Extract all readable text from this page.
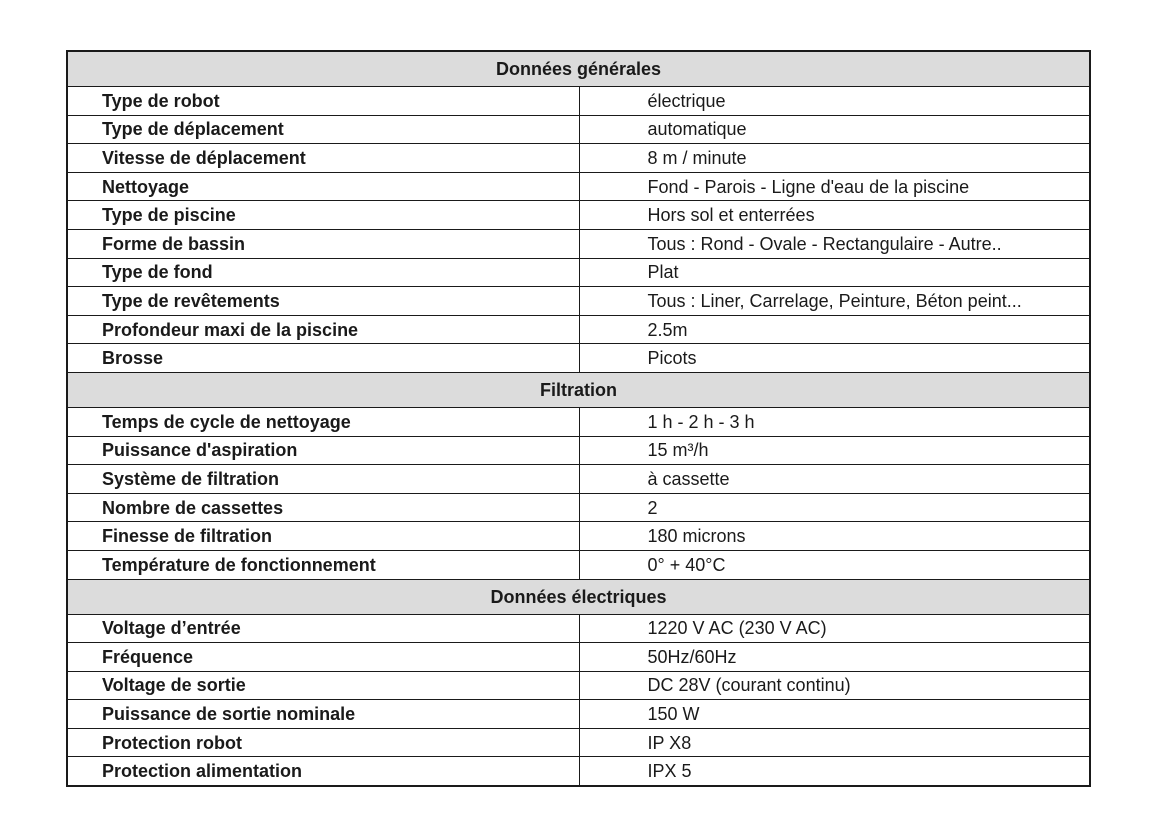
Données générales	
Type de robot	électrique
Type de déplacement	automatique
Vitesse de déplacement	8 m / minute
Nettoyage	Fond - Parois - Ligne d'eau de la piscine
Type de piscine	Hors sol et enterrées
Forme de bassin	Tous : Rond - Ovale - Rectangulaire - Autre..
Type de fond	Plat
Type de revêtements	Tous : Liner, Carrelage, Peinture, Béton peint...
Profondeur maxi de la piscine	2.5m
Brosse	Picots
Filtration	
Temps de cycle de nettoyage	1 h - 2 h - 3 h
Puissance d'aspiration	15 m³/h
Système de filtration	à cassette
Nombre de cassettes	2
Finesse de filtration	180 microns
Température de fonctionnement	0° + 40°C
Données électriques	
Voltage d’entrée	1220 V AC (230 V AC)
Fréquence	50Hz/60Hz
Voltage de sortie	DC 28V (courant continu)
Puissance de sortie nominale	150 W
Protection robot	IP X8
Protection alimentation	IPX 5
